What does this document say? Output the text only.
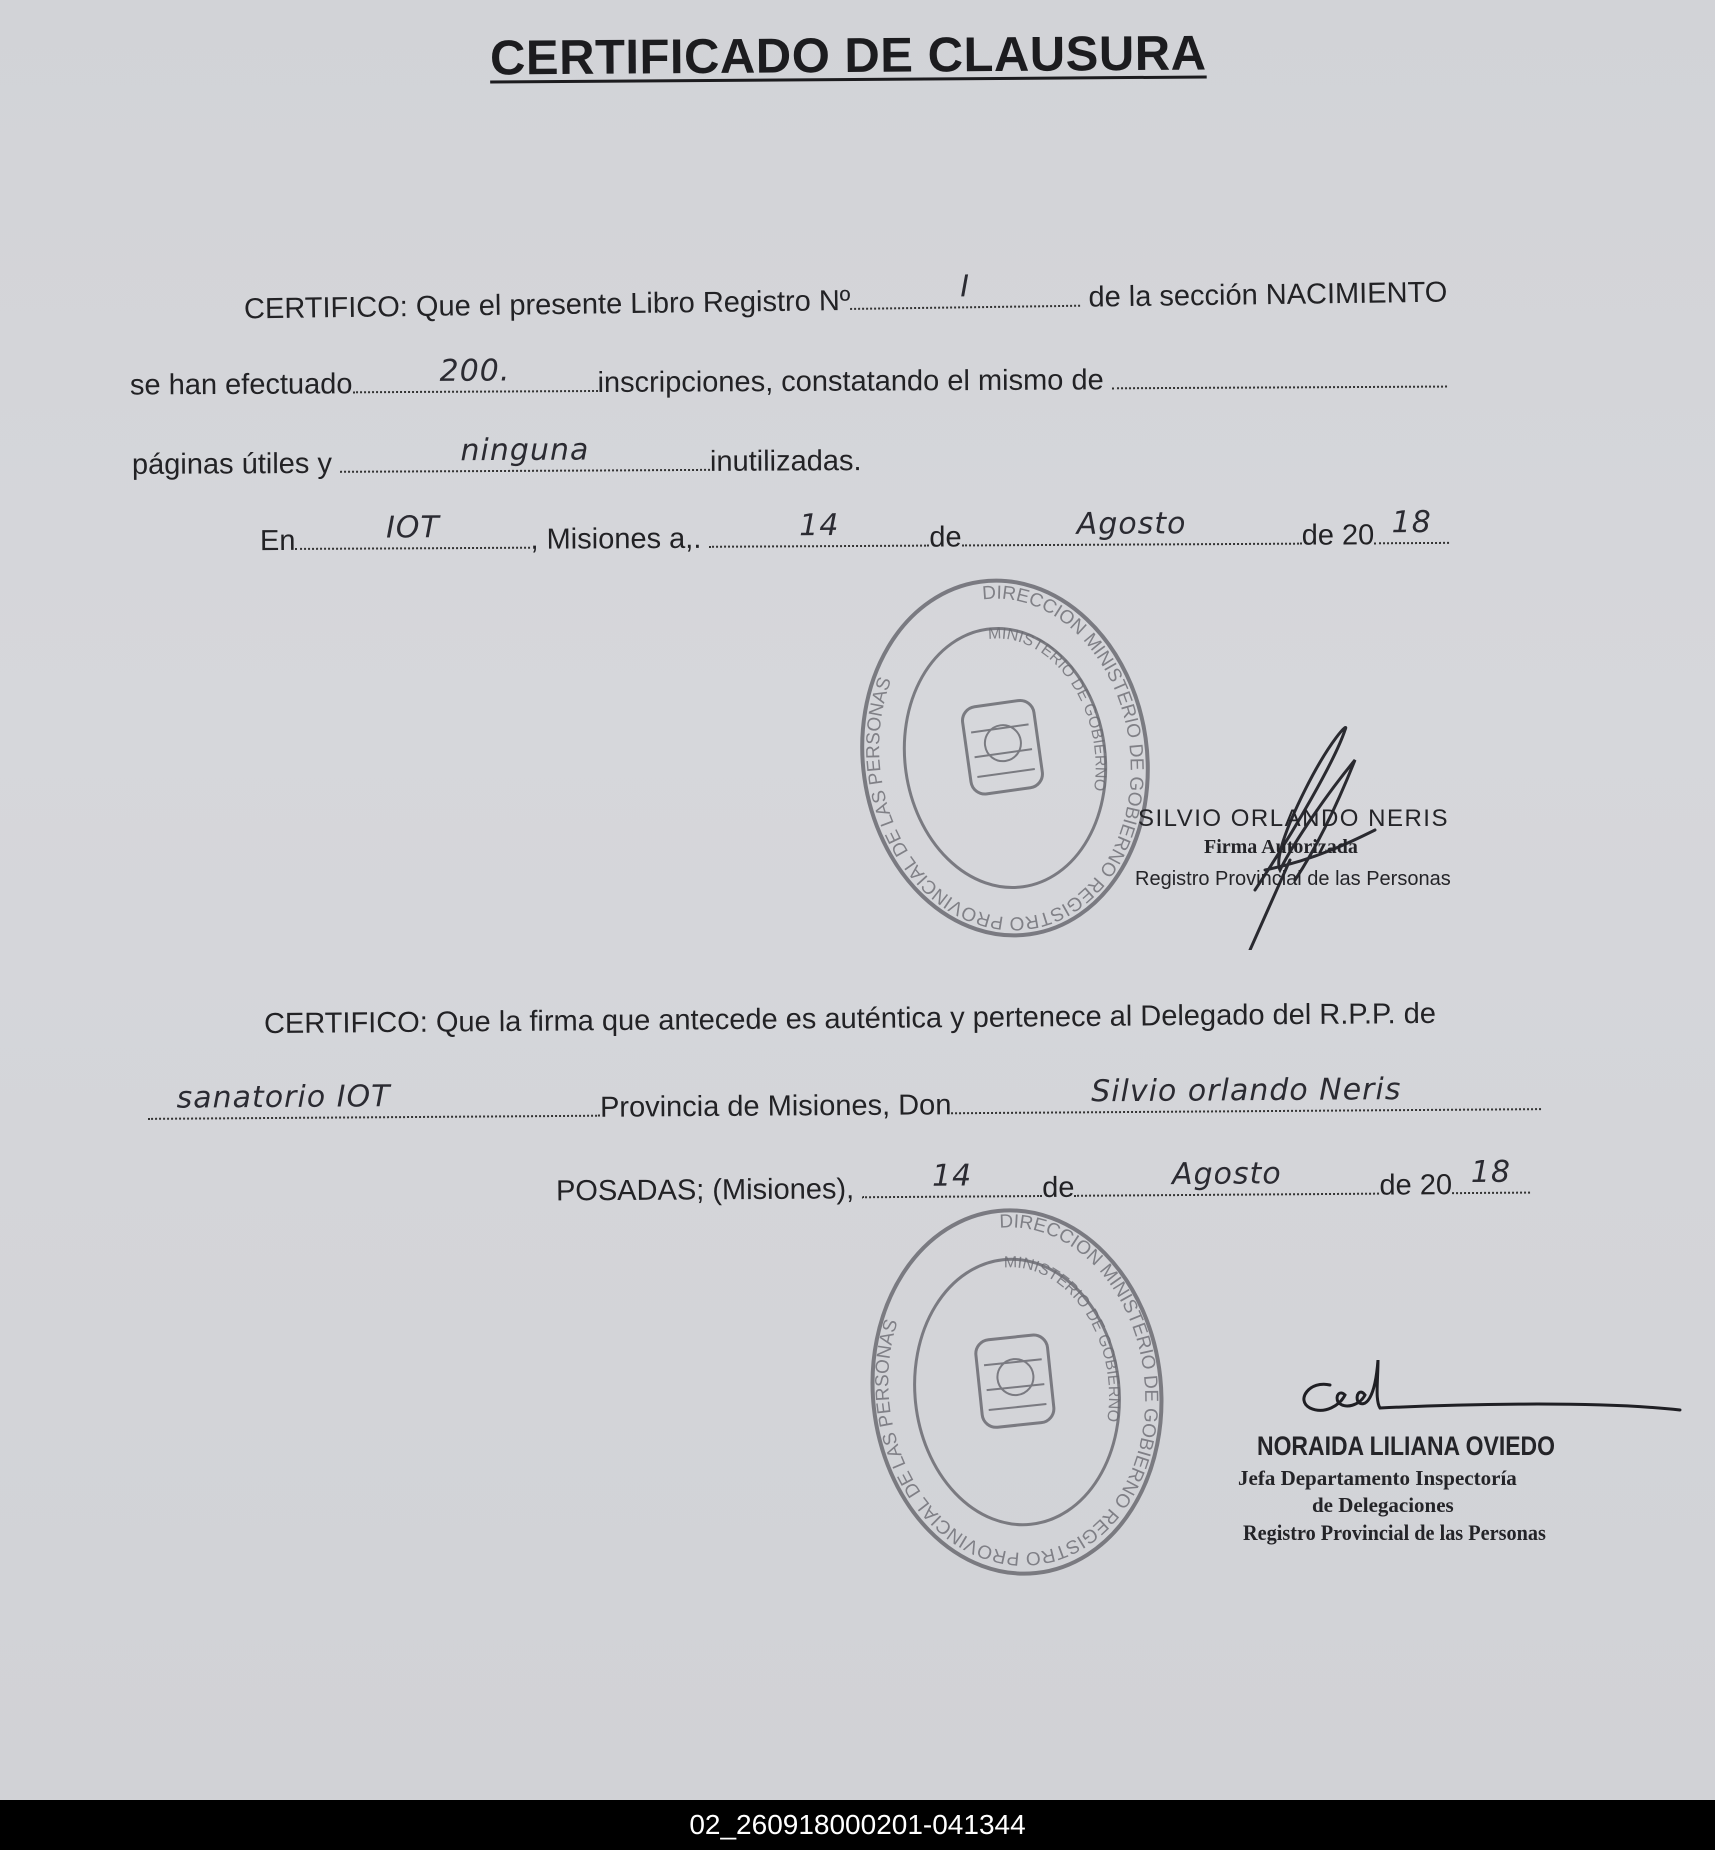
CERTIFICADO DE CLAUSURA
CERTIFICO: Que el presente Libro Registro Nº	I	de la sección NACIMIENTO
se han efectuado	200.	inscripciones, constatando el mismo de
páginas útiles y	ninguna	inutilizadas.
En	IOT	, Misiones a,.	14	de	Agosto	de 20 18
DIRECCION MINISTERIO DE GOBIERNO REGISTRO PROVINCIAL DE LAS PERSONAS
MINISTERIO DE GOBIERNO
SILVIO ORLANDO NERIS
Firma Autorizada
Registro Provincial de las Personas
CERTIFICO: Que la firma que antecede es auténtica y pertenece al Delegado del R.P.P. de
sanatorio IOT	Provincia de Misiones, Don	Silvio orlando Neris
POSADAS; (Misiones),	14 de	Agosto	de 20 18
DIRECCION MINISTERIO DE GOBIERNO REGISTRO PROVINCIAL DE LAS PERSONAS
MINISTERIO DE GOBIERNO
NORAIDA LILIANA OVIEDO
Jefa Departamento Inspectoría
de Delegaciones
Registro Provincial de las Personas
02_260918000201-041344
